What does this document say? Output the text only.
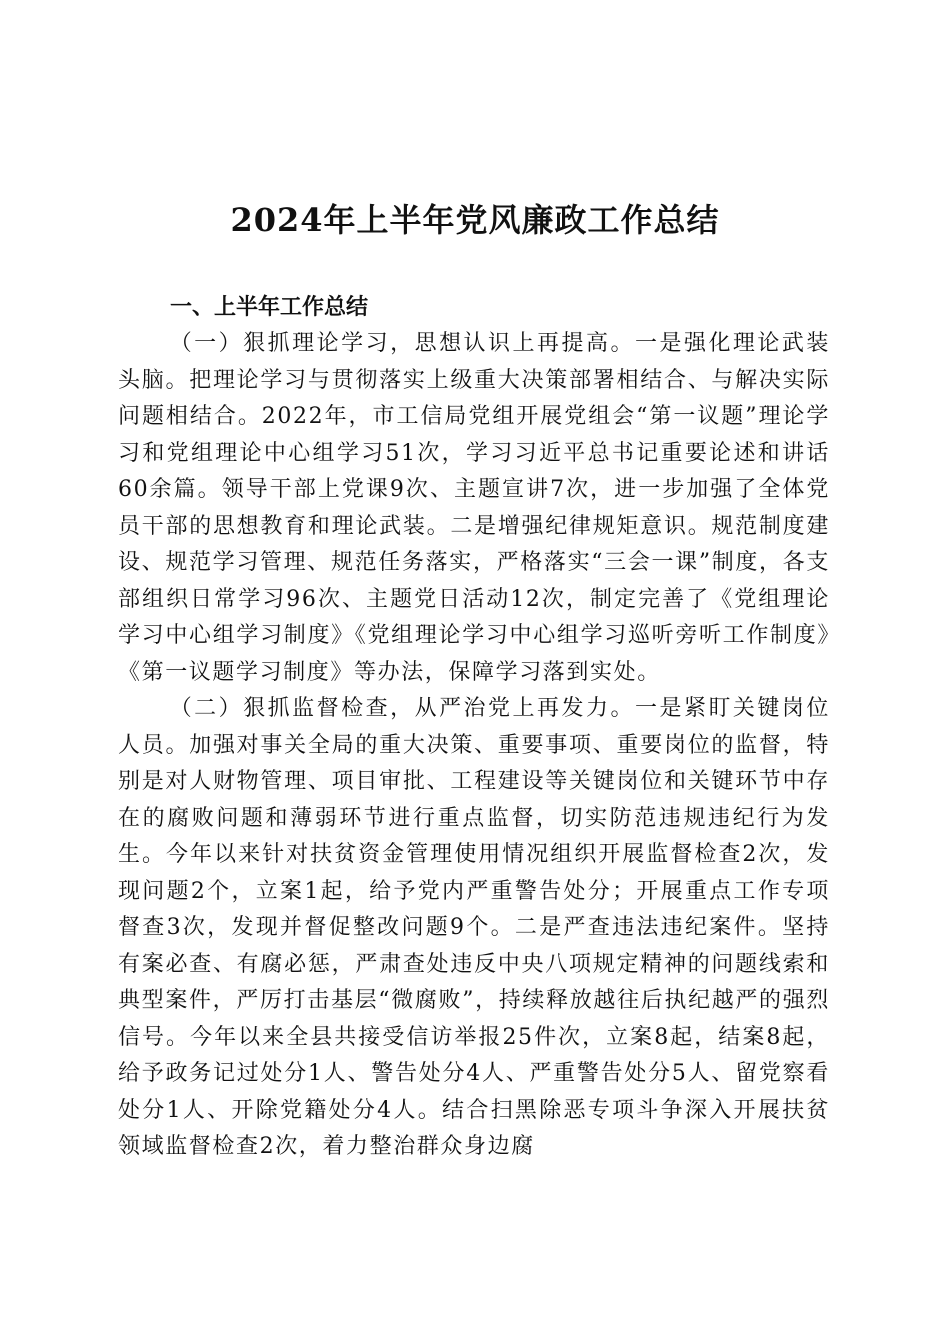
2024年上半年党风廉政工作总结

一、上半年工作总结

（一）狠抓理论学习，思想认识上再提高。一是强化理论武装头脑。把理论学习与贯彻落实上级重大决策部署相结合、与解决实际问题相结合。2022年，市工信局党组开展党组会“第一议题”理论学习和党组理论中心组学习51次，学习习近平总书记重要论述和讲话60余篇。领导干部上党课9次、主题宣讲7次，进一步加强了全体党员干部的思想教育和理论武装。二是增强纪律规矩意识。规范制度建设、规范学习管理、规范任务落实，严格落实“三会一课”制度，各支部组织日常学习96次、主题党日活动12次，制定完善了《党组理论学习中心组学习制度》《党组理论学习中心组学习巡听旁听工作制度》《第一议题学习制度》等办法，保障学习落到实处。

（二）狠抓监督检查，从严治党上再发力。一是紧盯关键岗位人员。加强对事关全局的重大决策、重要事项、重要岗位的监督，特别是对人财物管理、项目审批、工程建设等关键岗位和关键环节中存在的腐败问题和薄弱环节进行重点监督，切实防范违规违纪行为发生。今年以来针对扶贫资金管理使用情况组织开展监督检查2次，发现问题2个，立案1起，给予党内严重警告处分；开展重点工作专项督查3次，发现并督促整改问题9个。二是严查违法违纪案件。坚持有案必查、有腐必惩，严肃查处违反中央八项规定精神的问题线索和典型案件，严厉打击基层“微腐败”，持续释放越往后执纪越严的强烈信号。今年以来全县共接受信访举报25件次，立案8起，结案8起，给予政务记过处分1人、警告处分4人、严重警告处分5人、留党察看处分1人、开除党籍处分4人。结合扫黑除恶专项斗争深入开展扶贫领域监督检查2次，着力整治群众身边腐
